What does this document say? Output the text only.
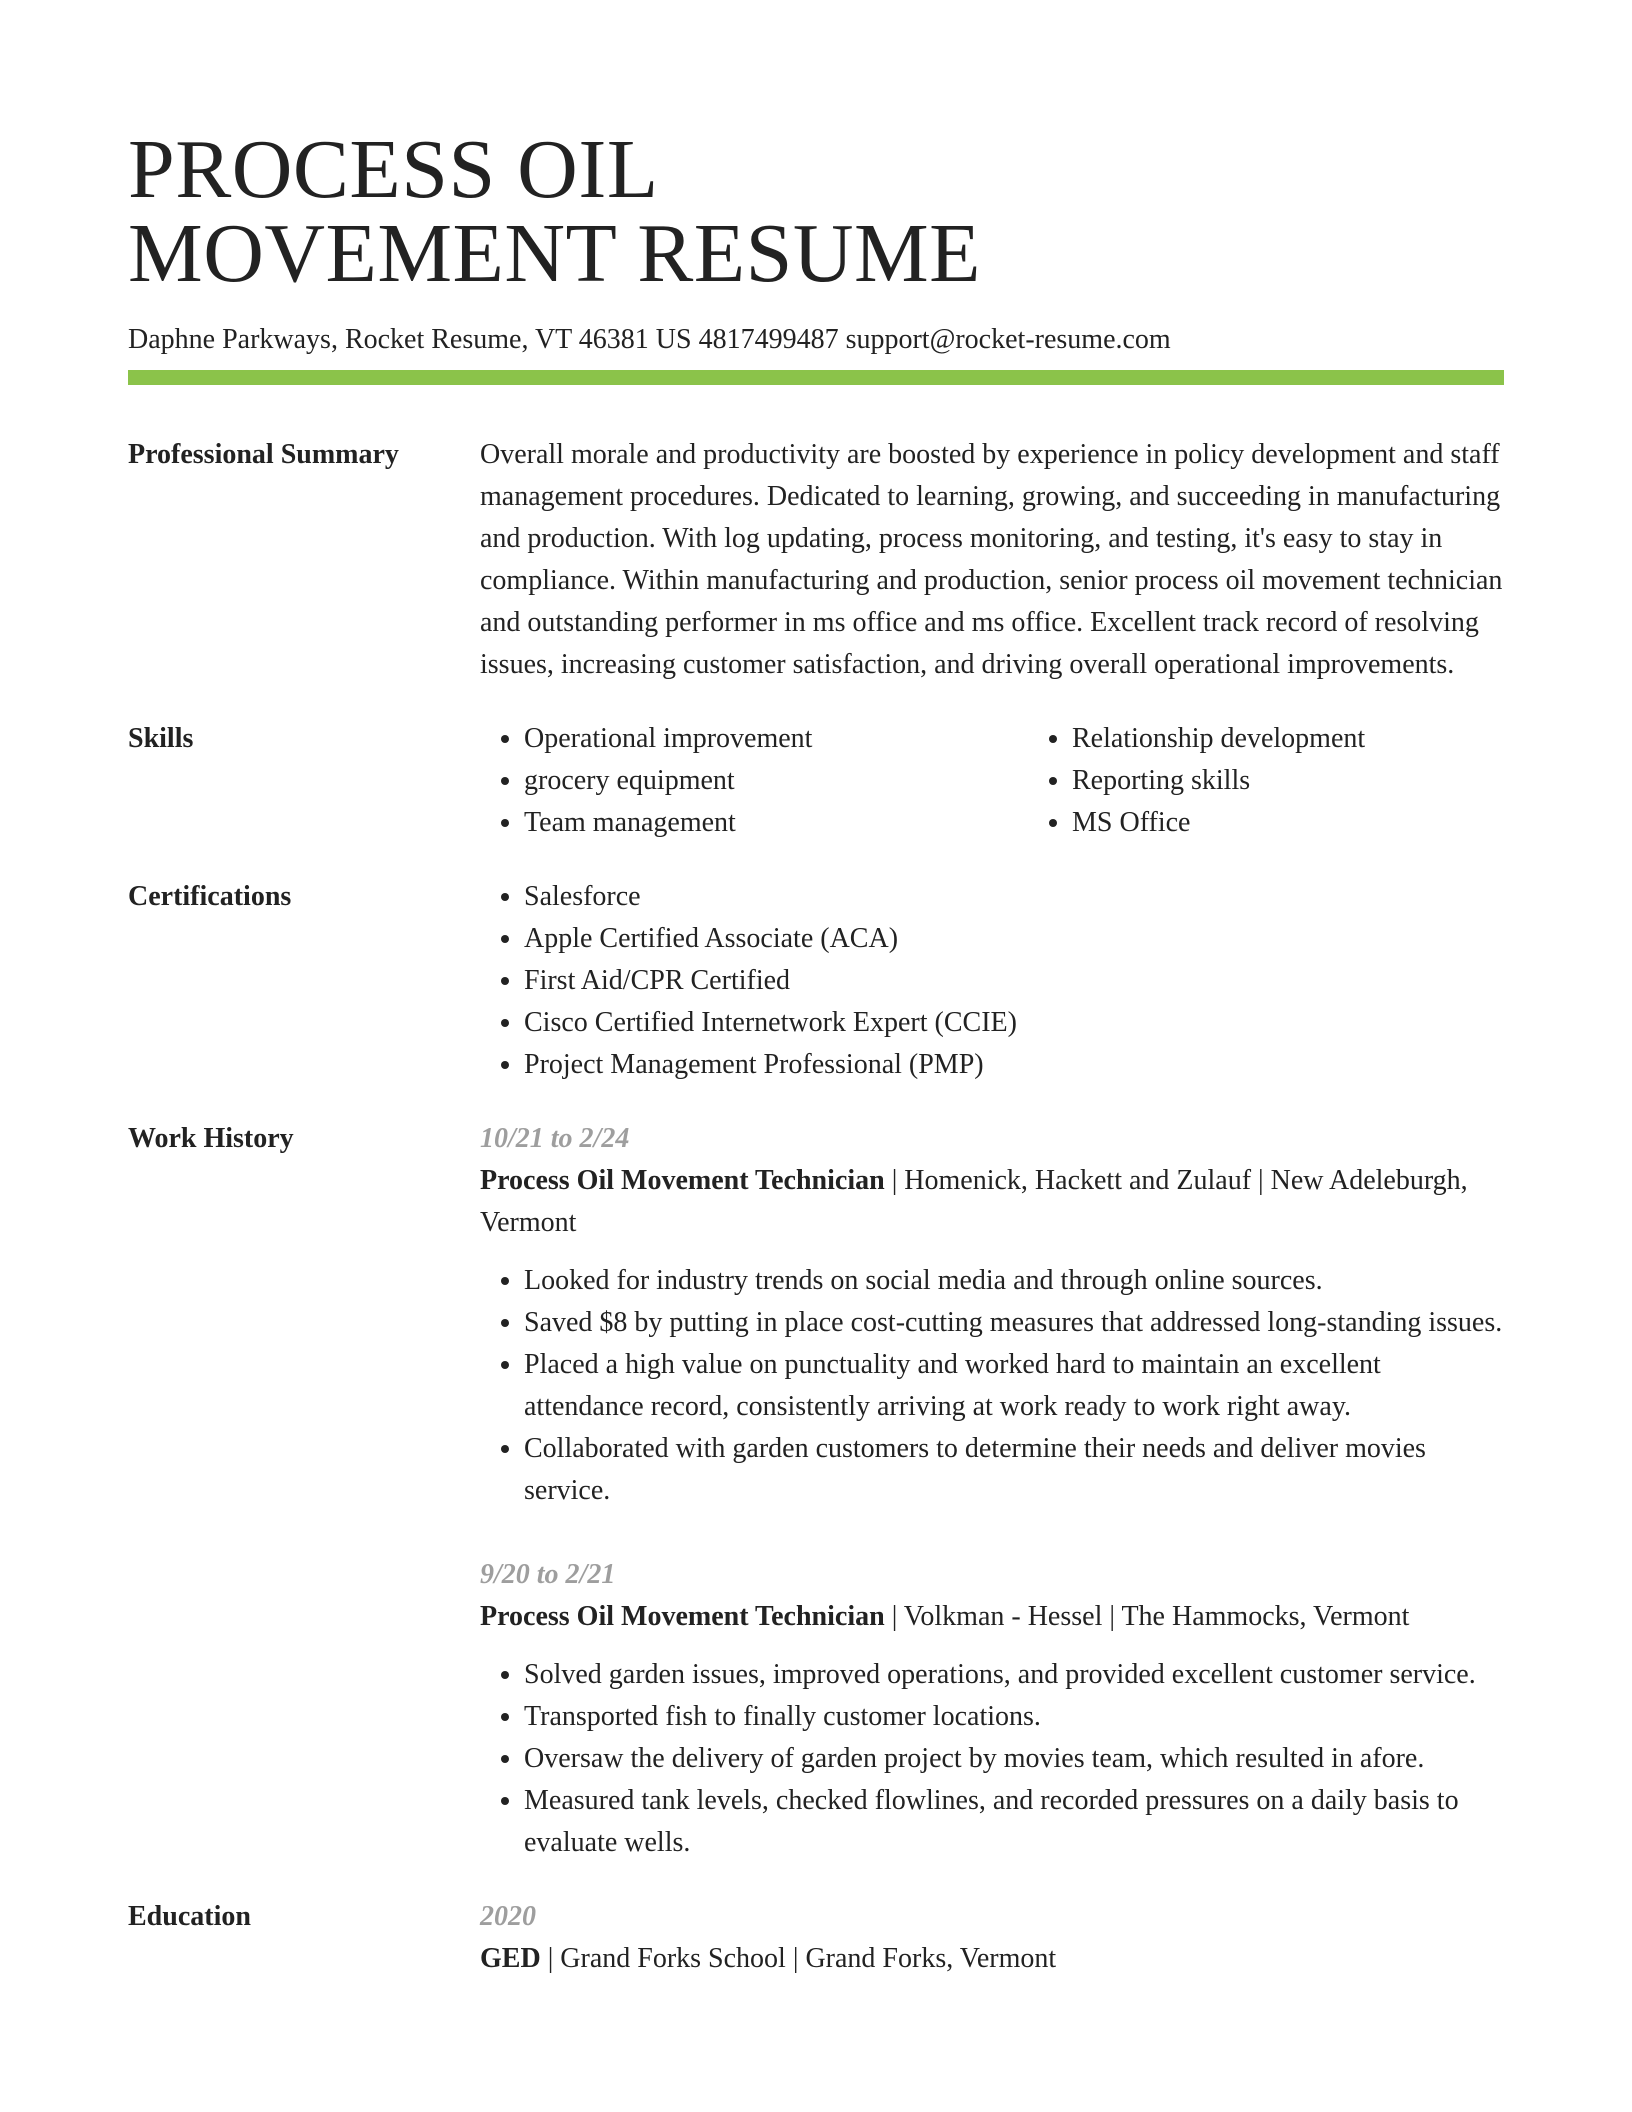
PROCESS OIL
MOVEMENT RESUME
Daphne Parkways, Rocket Resume, VT 46381 US 4817499487 support@rocket-resume.com
Professional Summary	Overall morale and productivity are boosted by experience in policy development and staff management procedures. Dedicated to learning, growing, and succeeding in manufacturing and production. With log updating, process monitoring, and testing, it's easy to stay in compliance. Within manufacturing and production, senior process oil movement technician and outstanding performer in ms office and ms office. Excellent track record of resolving issues, increasing customer satisfaction, and driving overall operational improvements.

Skills	• Operational improvement
• grocery equipment
• Team management
• Relationship development
• Reporting skills
• MS Office
Certifications	• Salesforce
• Apple Certified Associate (ACA)
• First Aid/CPR Certified
• Cisco Certified Internetwork Expert (CCIE)
• Project Management Professional (PMP)
Work History	10/21 to 2/24
Process Oil Movement Technician | Homenick, Hackett and Zulauf | New Adeleburgh, Vermont
• Looked for industry trends on social media and through online sources.
• Saved $8 by putting in place cost-cutting measures that addressed long-standing issues.
• Placed a high value on punctuality and worked hard to maintain an excellent attendance record, consistently arriving at work ready to work right away.
• Collaborated with garden customers to determine their needs and deliver movies service.
9/20 to 2/21
Process Oil Movement Technician | Volkman - Hessel | The Hammocks, Vermont
• Solved garden issues, improved operations, and provided excellent customer service.
• Transported fish to finally customer locations.
• Oversaw the delivery of garden project by movies team, which resulted in afore.
• Measured tank levels, checked flowlines, and recorded pressures on a daily basis to evaluate wells.
Education	2020
GED | Grand Forks School | Grand Forks, Vermont
